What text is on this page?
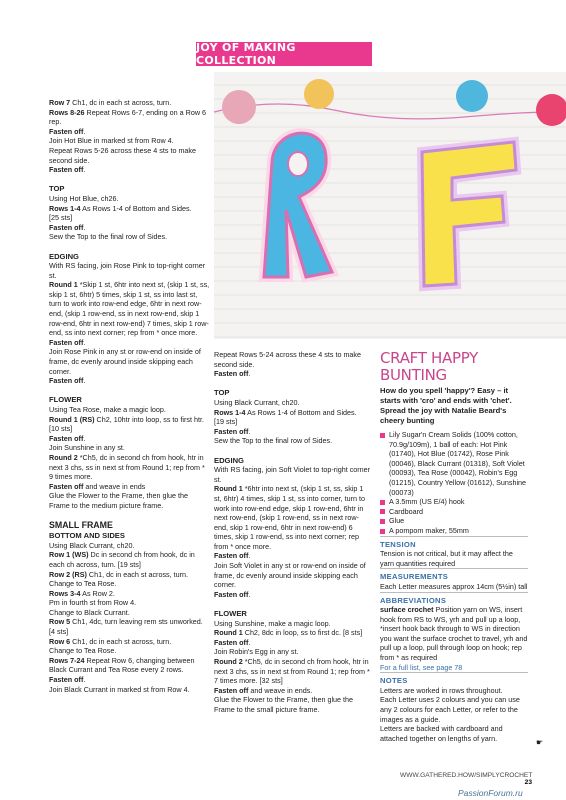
JOY OF MAKING COLLECTION

Row 7 Ch1, dc in each st across, turn.

Rows 8-26 Repeat Rows 6-7, ending on a Row 6 rep.

Fasten off.

Join Hot Blue in marked st from Row 4.

Repeat Rows 5-26 across these 4 sts to make second side.

Fasten off.

TOP

Using Hot Blue, ch26.

Rows 1-4 As Rows 1-4 of Bottom and Sides.

[25 sts]

Fasten off.

Sew the Top to the final row of Sides.

EDGING

With RS facing, join Rose Pink to top-right corner st.

Round 1 *Skip 1 st, 6htr into next st, (skip 1 st, ss, skip 1 st, 6htr) 5 times, skip 1 st, ss into last st, turn to work into row-end edge, 6htr in next row-end, (skip 1 row-end, ss in next row-end, skip 1 row-end, 6htr in next row-end) 7 times, skip 1 row-end, ss into next corner; rep from * once more.

Fasten off.

Join Rose Pink in any st or row-end on inside of frame, dc evenly around inside skipping each corner.

Fasten off.

FLOWER

Using Tea Rose, make a magic loop.

Round 1 (RS) Ch2, 10htr into loop, ss to first htr. [10 sts]

Fasten off.

Join Sunshine in any st.

Round 2 *Ch5, dc in second ch from hook, htr in next 3 chs, ss in next st from Round 1; rep from * 9 times more.

Fasten off and weave in ends

Glue the Flower to the Frame, then glue the Frame to the medium picture frame.

SMALL FRAME

BOTTOM AND SIDES

Using Black Currant, ch20.

Row 1 (WS) Dc in second ch from hook, dc in each ch across, turn. [19 sts]

Row 2 (RS) Ch1, dc in each st across, turn.

Change to Tea Rose.

Rows 3-4 As Row 2.

Pm in fourth st from Row 4.

Change to Black Currant.

Row 5 Ch1, 4dc, turn leaving rem sts unworked. [4 sts]

Row 6 Ch1, dc in each st across, turn.

Change to Tea Rose.

Rows 7-24 Repeat Row 6, changing between Black Currant and Tea Rose every 2 rows.

Fasten off.

Join Black Currant in marked st from Row 4.

Repeat Rows 5-24 across these 4 sts to make second side.

Fasten off.

TOP

Using Black Currant, ch20.

Rows 1-4 As Rows 1-4 of Bottom and Sides.

[19 sts]

Fasten off.

Sew the Top to the final row of Sides.

EDGING

With RS facing, join Soft Violet to top-right corner st.

Round 1 *6htr into next st, (skip 1 st, ss, skip 1 st, 6htr) 4 times, skip 1 st, ss into corner, turn to work into row-end edge, skip 1 row-end, 6htr in next row-end, (skip 1 row-end, ss in next row-end, skip 1 row-end, 6htr in next row-end) 6 times, skip 1 row-end, ss into next corner; rep from * once more.

Fasten off.

Join Soft Violet in any st or row-end on inside of frame, dc evenly around inside skipping each corner.

Fasten off.

FLOWER

Using Sunshine, make a magic loop.

Round 1 Ch2, 8dc in loop, ss to first dc. [8 sts]

Fasten off.

Join Robin's Egg in any st.

Round 2 *Ch5, dc in second ch from hook, htr in next 3 chs, ss in next st from Round 1; rep from * 7 times more. [32 sts]

Fasten off and weave in ends.

Glue the Flower to the Frame, then glue the Frame to the small picture frame.

CRAFT HAPPY BUNTING

How do you spell 'happy'? Easy – it starts with 'cro' and ends with 'chet'. Spread the joy with Natalie Beard's cheery bunting

Lily Sugar'n Cream Solids (100% cotton, 70.9g/109m), 1 ball of each: Hot Pink (01740), Hot Blue (01742), Rose Pink (00046), Black Currant (01318), Soft Violet (00093), Tea Rose (00042), Robin's Egg (01215), Country Yellow (01612), Sunshine (00073)

A 3.5mm (US E/4) hook

Cardboard

Glue

A pompom maker, 55mm

TENSION

Tension is not critical, but it may affect the yarn quantities required

MEASUREMENTS

Each Letter measures approx 14cm (5½in) tall

ABBREVIATIONS

surface crochet Position yarn on WS, insert hook from RS to WS, yrh and pull up a loop, *insert hook back through to WS in direction you want the surface crochet to travel, yrh and pull up a loop, pull through loop on hook; rep from * as required

For a full list, see page 78

NOTES

Letters are worked in rows throughout.

Each Letter uses 2 colours and you can use any 2 colours for each Letter, or refer to the images as a guide.

Letters are backed with cardboard and attached together on lengths of yarn.	☛
WWW.GATHERED.HOW/SIMPLYCROCHET 23
PassionForum.ru
